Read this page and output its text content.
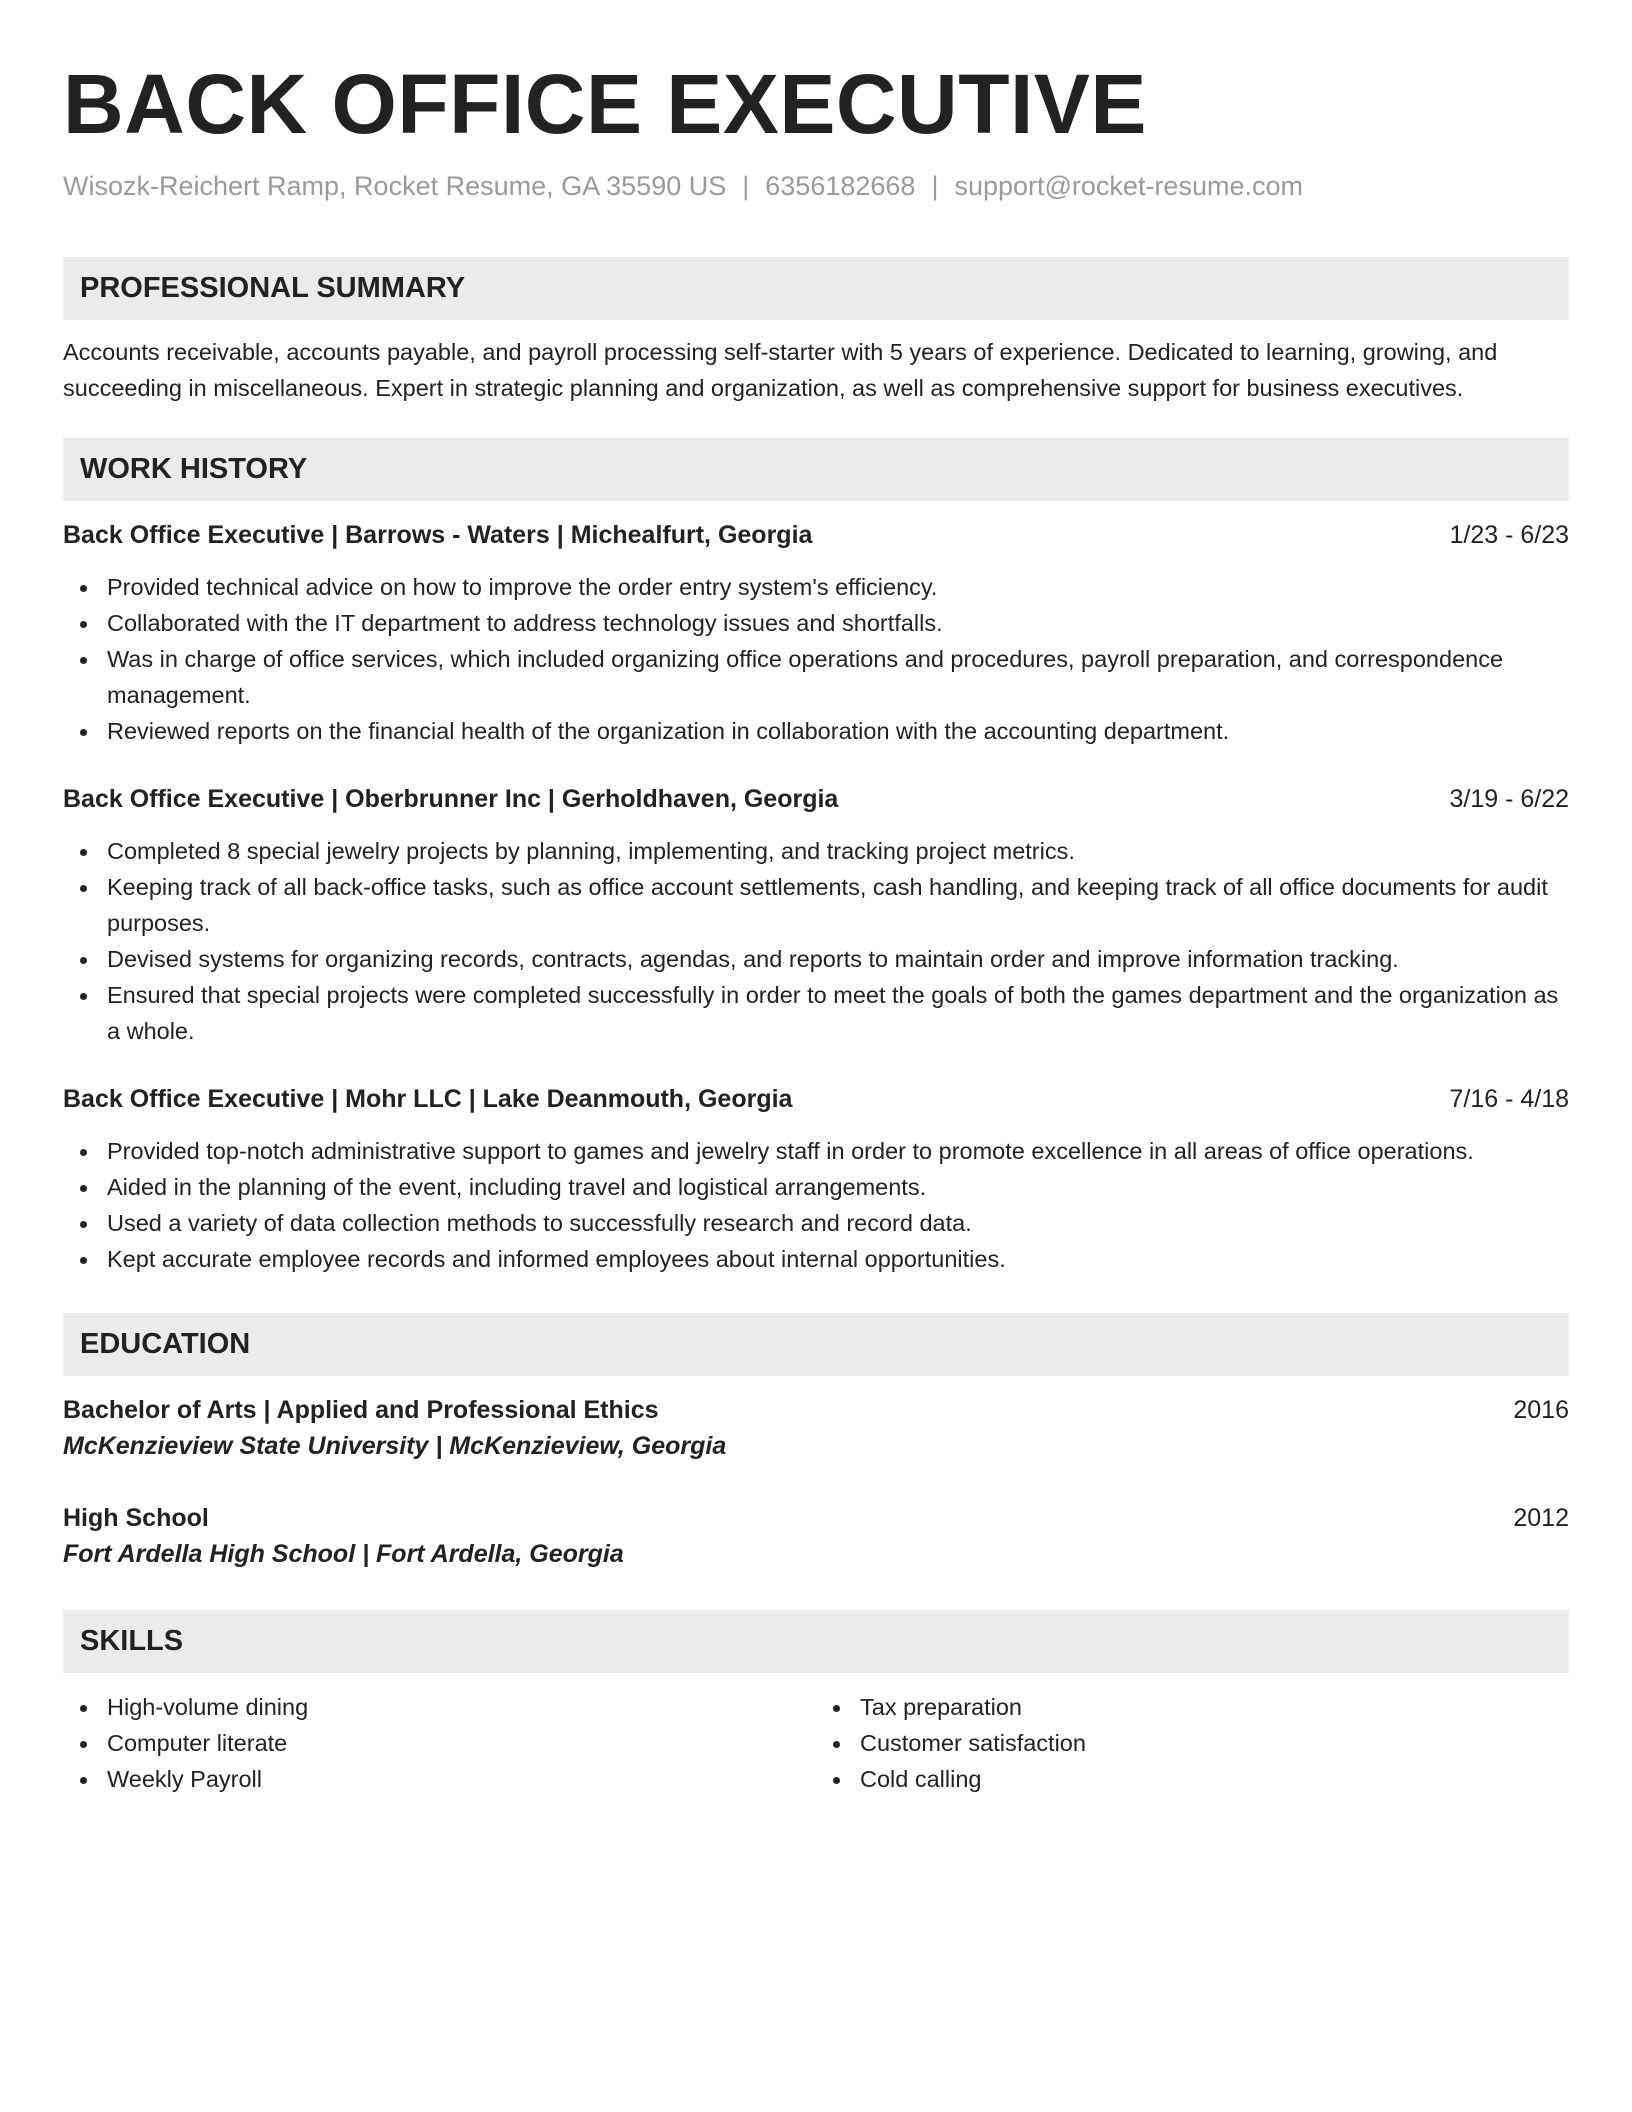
BACK OFFICE EXECUTIVE
Wisozk-Reichert Ramp, Rocket Resume, GA 35590 US | 6356182668 | support@rocket-resume.com
PROFESSIONAL SUMMARY
Accounts receivable, accounts payable, and payroll processing self-starter with 5 years of experience. Dedicated to learning, growing, and succeeding in miscellaneous. Expert in strategic planning and organization, as well as comprehensive support for business executives.
WORK HISTORY
Back Office Executive | Barrows - Waters | Michealfurt, Georgia	1/23 - 6/23
Provided technical advice on how to improve the order entry system's efficiency.
Collaborated with the IT department to address technology issues and shortfalls.
Was in charge of office services, which included organizing office operations and procedures, payroll preparation, and correspondence management.
Reviewed reports on the financial health of the organization in collaboration with the accounting department.
Back Office Executive | Oberbrunner Inc | Gerholdhaven, Georgia	3/19 - 6/22
Completed 8 special jewelry projects by planning, implementing, and tracking project metrics.
Keeping track of all back-office tasks, such as office account settlements, cash handling, and keeping track of all office documents for audit purposes.
Devised systems for organizing records, contracts, agendas, and reports to maintain order and improve information tracking.
Ensured that special projects were completed successfully in order to meet the goals of both the games department and the organization as a whole.
Back Office Executive | Mohr LLC | Lake Deanmouth, Georgia	7/16 - 4/18
Provided top-notch administrative support to games and jewelry staff in order to promote excellence in all areas of office operations.
Aided in the planning of the event, including travel and logistical arrangements.
Used a variety of data collection methods to successfully research and record data.
Kept accurate employee records and informed employees about internal opportunities.
EDUCATION
Bachelor of Arts | Applied and Professional Ethics	2016
McKenzieview State University | McKenzieview, Georgia
High School	2012
Fort Ardella High School | Fort Ardella, Georgia
SKILLS
High-volume dining
Computer literate
Weekly Payroll
Tax preparation
Customer satisfaction
Cold calling
